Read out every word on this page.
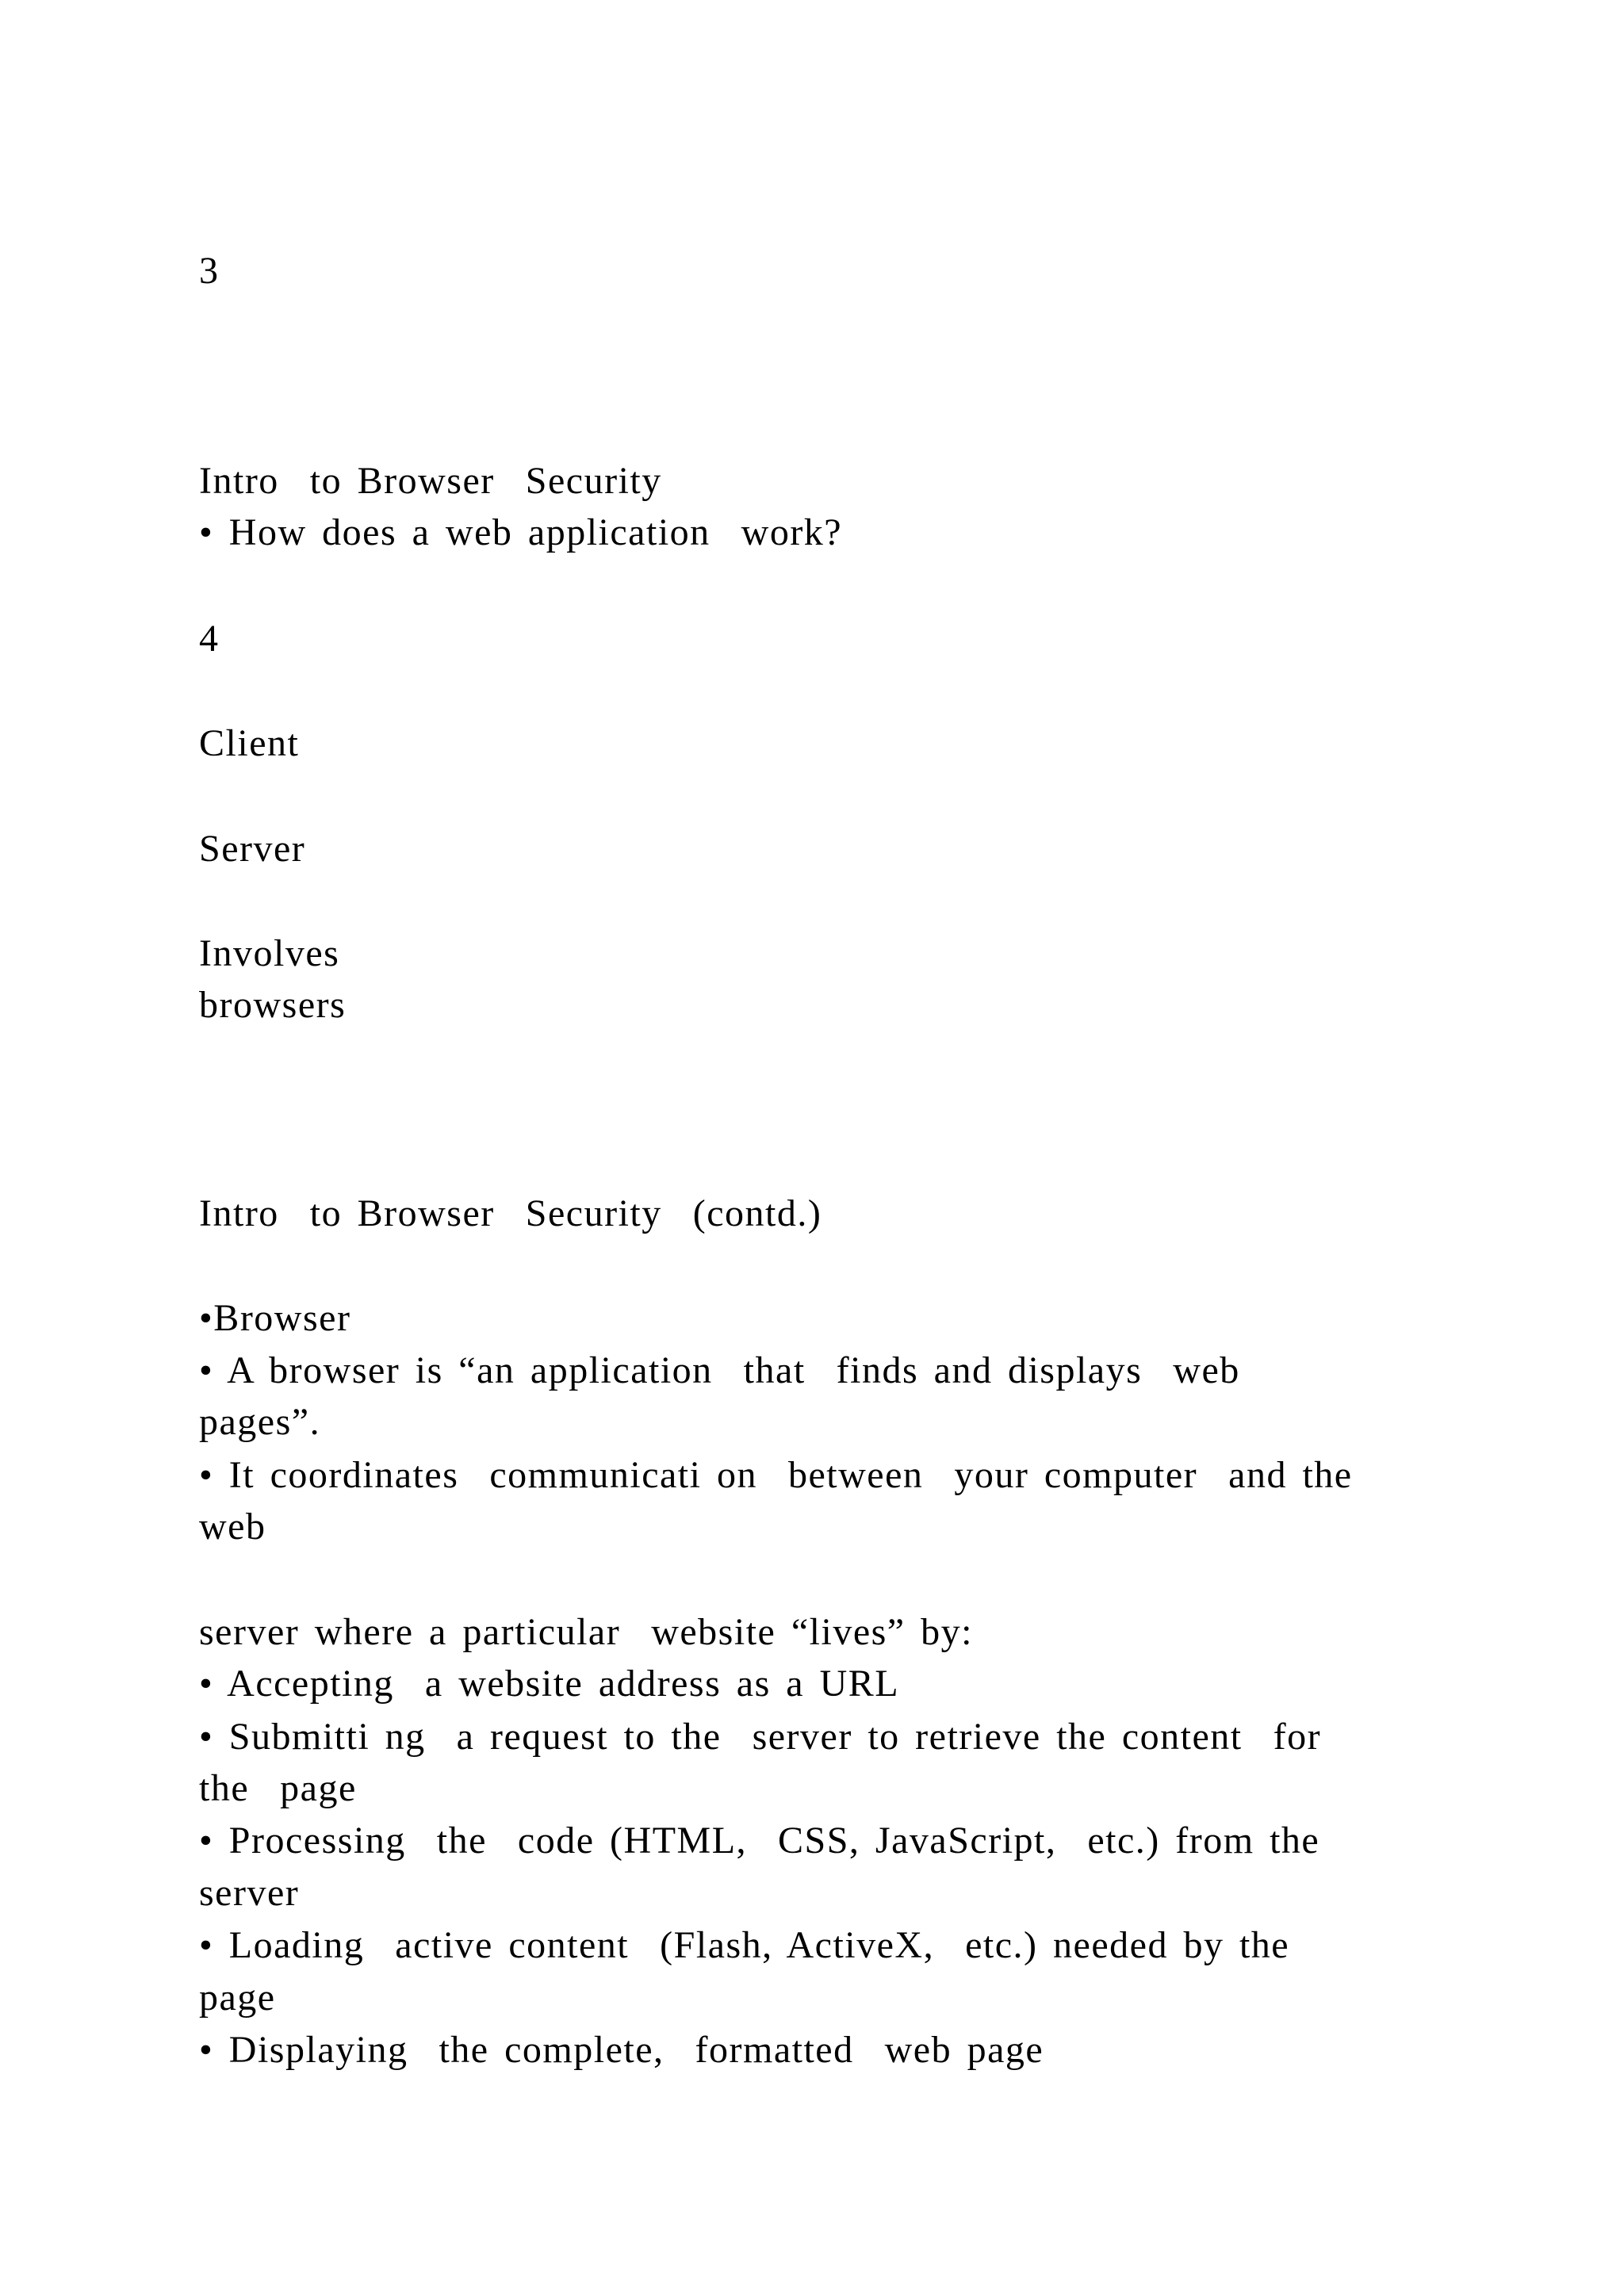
3
Intro  to Browser  Security
• How does a web application  work?
4
Client
Server
Involves
browsers
Intro  to Browser  Security  (contd.)
•Browser
• A browser is “an application  that  finds and displays  web
pages”.
• It coordinates  communicati on  between  your computer  and the
web
server where a particular  website “lives” by:
• Accepting  a website address as a URL
• Submitti ng  a request to the  server to retrieve the content  for
the  page
• Processing  the  code (HTML,  CSS, JavaScript,  etc.) from the
server
• Loading  active content  (Flash, ActiveX,  etc.) needed by the
page
• Displaying  the complete,  formatted  web page
